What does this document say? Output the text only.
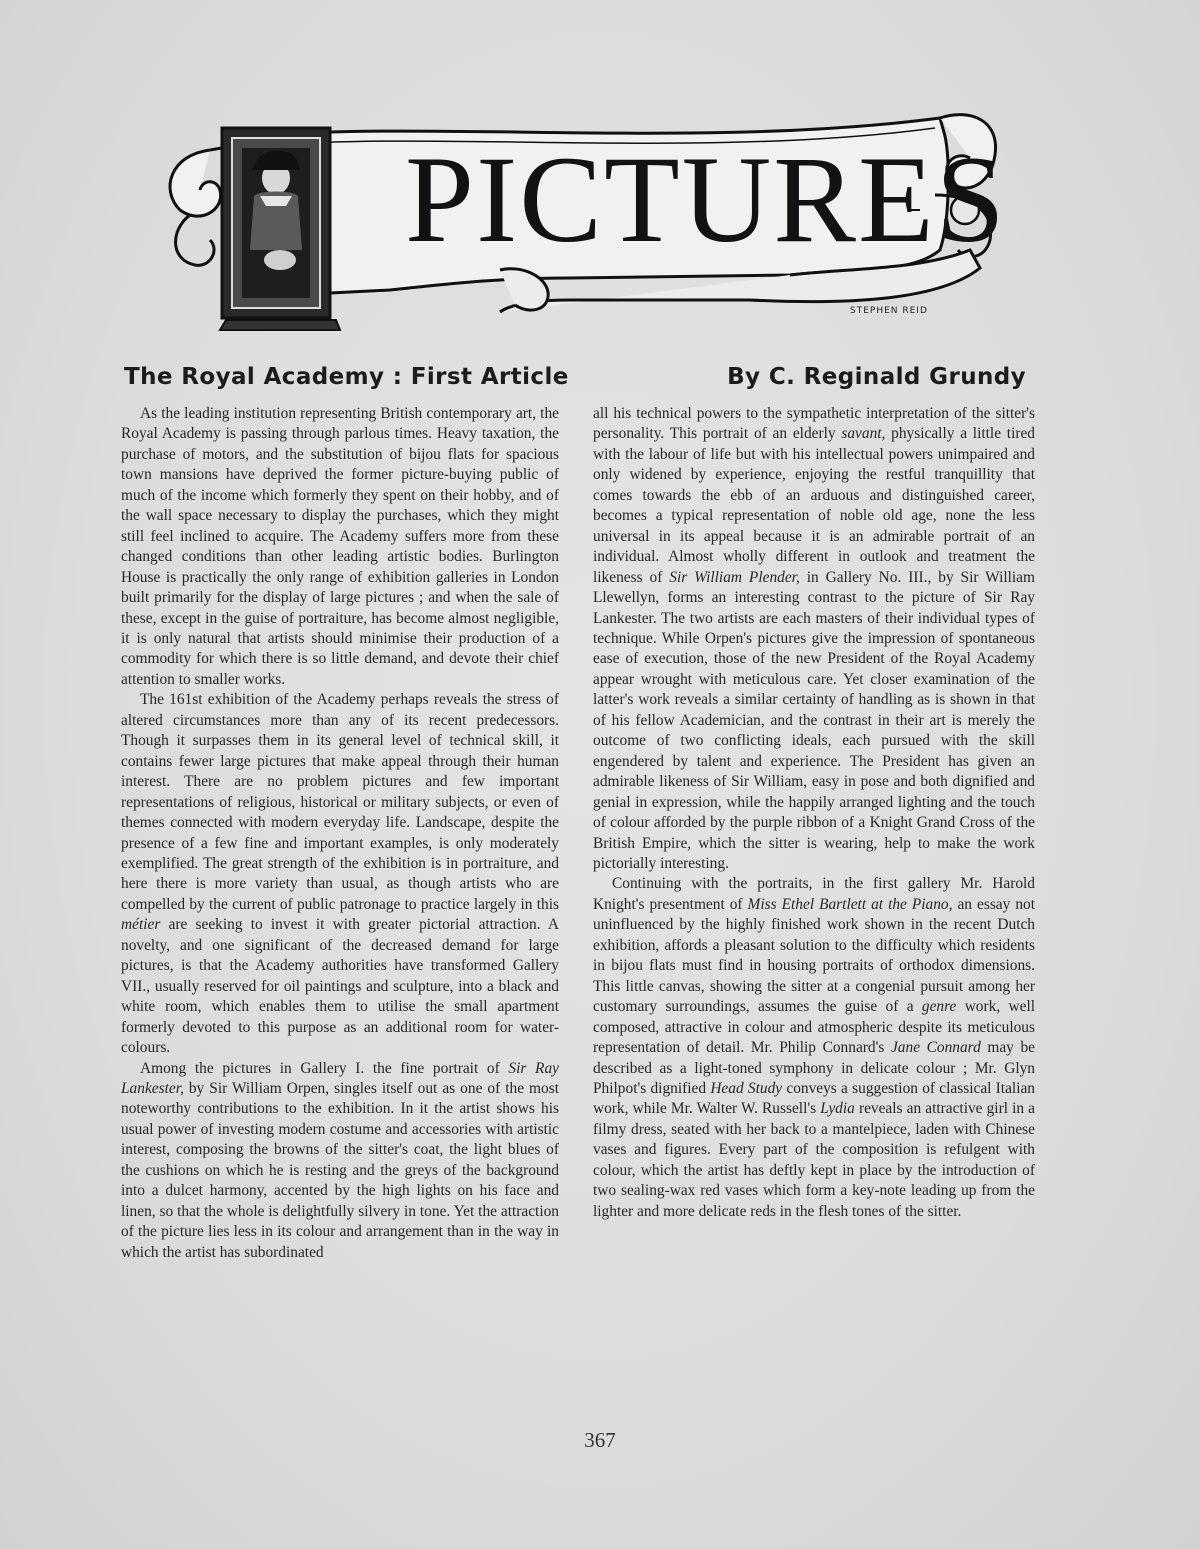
PICTURES
STEPHEN REID
The Royal Academy : First Article	By C. Reginald Grundy

As the leading institution representing British contemporary art, the Royal Academy is passing through parlous times. Heavy taxation, the purchase of motors, and the substitution of bijou flats for spacious town mansions have deprived the former picture-buying public of much of the income which formerly they spent on their hobby, and of the wall space necessary to display the purchases, which they might still feel inclined to acquire. The Academy suffers more from these changed conditions than other leading artistic bodies. Burlington House is practically the only range of exhibition galleries in London built primarily for the display of large pictures ; and when the sale of these, except in the guise of portraiture, has become almost negligible, it is only natural that artists should minimise their production of a commodity for which there is so little demand, and devote their chief attention to smaller works.

The 161st exhibition of the Academy perhaps reveals the stress of altered circumstances more than any of its recent predecessors. Though it surpasses them in its general level of technical skill, it contains fewer large pictures that make appeal through their human interest. There are no problem pictures and few important representations of religious, historical or military subjects, or even of themes connected with modern everyday life. Landscape, despite the presence of a few fine and important examples, is only moderately exemplified. The great strength of the exhibition is in portraiture, and here there is more variety than usual, as though artists who are compelled by the current of public patronage to practice largely in this métier are seeking to invest it with greater pictorial attraction. A novelty, and one significant of the decreased demand for large pictures, is that the Academy authorities have transformed Gallery VII., usually reserved for oil paintings and sculpture, into a black and white room, which enables them to utilise the small apartment formerly devoted to this purpose as an additional room for water-colours.

Among the pictures in Gallery I. the fine portrait of Sir Ray Lankester, by Sir William Orpen, singles itself out as one of the most noteworthy contributions to the exhibition. In it the artist shows his usual power of investing modern costume and accessories with artistic interest, composing the browns of the sitter's coat, the light blues of the cushions on which he is resting and the greys of the background into a dulcet harmony, accented by the high lights on his face and linen, so that the whole is delightfully silvery in tone. Yet the attraction of the picture lies less in its colour and arrangement than in the way in which the artist has subordinated

all his technical powers to the sympathetic interpretation of the sitter's personality. This portrait of an elderly savant, physically a little tired with the labour of life but with his intellectual powers unimpaired and only widened by experience, enjoying the restful tranquillity that comes towards the ebb of an arduous and distinguished career, becomes a typical representation of noble old age, none the less universal in its appeal because it is an admirable portrait of an individual. Almost wholly different in outlook and treatment the likeness of Sir William Plender, in Gallery No. III., by Sir William Llewellyn, forms an interesting contrast to the picture of Sir Ray Lankester. The two artists are each masters of their individual types of technique. While Orpen's pictures give the impression of spontaneous ease of execution, those of the new President of the Royal Academy appear wrought with meticulous care. Yet closer examination of the latter's work reveals a similar certainty of handling as is shown in that of his fellow Academician, and the contrast in their art is merely the outcome of two conflicting ideals, each pursued with the skill engendered by talent and experience. The President has given an admirable likeness of Sir William, easy in pose and both dignified and genial in expression, while the happily arranged lighting and the touch of colour afforded by the purple ribbon of a Knight Grand Cross of the British Empire, which the sitter is wearing, help to make the work pictorially interesting.

Continuing with the portraits, in the first gallery Mr. Harold Knight's presentment of Miss Ethel Bartlett at the Piano, an essay not uninfluenced by the highly finished work shown in the recent Dutch exhibition, affords a pleasant solution to the difficulty which residents in bijou flats must find in housing portraits of orthodox dimensions. This little canvas, showing the sitter at a congenial pursuit among her customary surroundings, assumes the guise of a genre work, well composed, attractive in colour and atmospheric despite its meticulous representation of detail. Mr. Philip Connard's Jane Connard may be described as a light-toned symphony in delicate colour ; Mr. Glyn Philpot's dignified Head Study conveys a suggestion of classical Italian work, while Mr. Walter W. Russell's Lydia reveals an attractive girl in a filmy dress, seated with her back to a mantelpiece, laden with Chinese vases and figures. Every part of the composition is refulgent with colour, which the artist has deftly kept in place by the introduction of two sealing-wax red vases which form a key-note leading up from the lighter and more delicate reds in the flesh tones of the sitter.

367
